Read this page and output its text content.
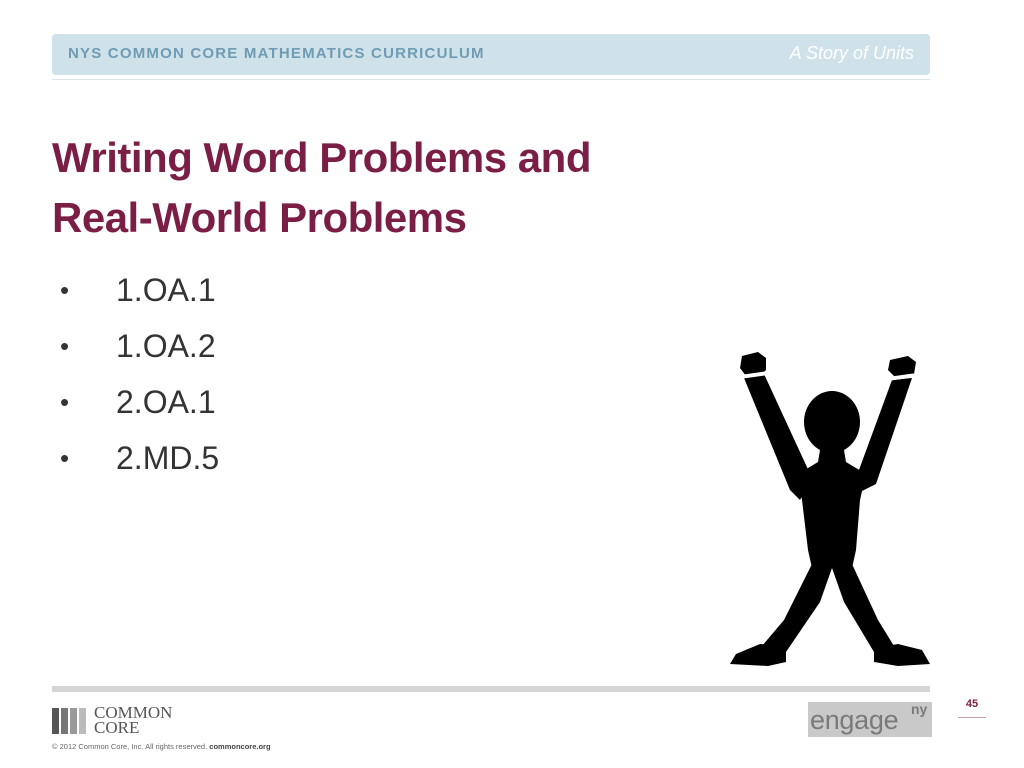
NYS COMMON CORE MATHEMATICS CURRICULUM	A Story of Units
Writing Word Problems and
Real-World Problems
•	1.OA.1
•	1.OA.2
•	2.OA.1
•	2.MD.5
COMMON
CORE
© 2012 Common Core, Inc. All rights reserved. commoncore.org
engage ny	45
